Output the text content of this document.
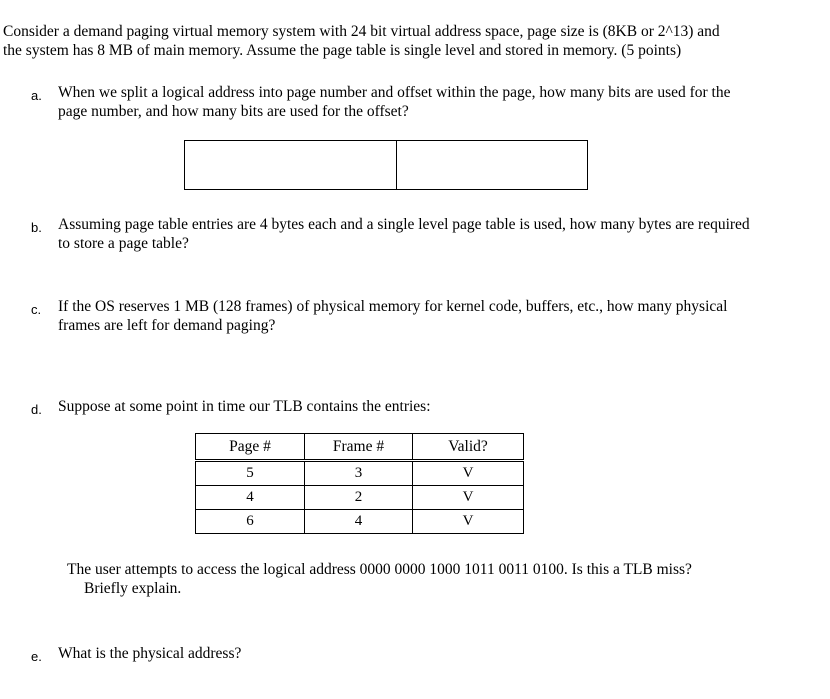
Consider a demand paging virtual memory system with 24 bit virtual address space, page size is (8KB or 2^13) and
the system has 8 MB of main memory. Assume the page table is single level and stored in memory. (5 points)
a. When we split a logical address into page number and offset within the page, how many bits are used for the
page number, and how many bits are used for the offset?

b. Assuming page table entries are 4 bytes each and a single level page table is used, how many bytes are required
to store a page table?
c. If the OS reserves 1 MB (128 frames) of physical memory for kernel code, buffers, etc., how many physical
frames are left for demand paging?
d. Suppose at some point in time our TLB contains the entries:
Page #	Frame #	Valid?
5	3	V
4	2	V
6	4	V
The user attempts to access the logical address 0000 0000 1000 1011 0011 0100. Is this a TLB miss?
Briefly explain.
e. What is the physical address?
